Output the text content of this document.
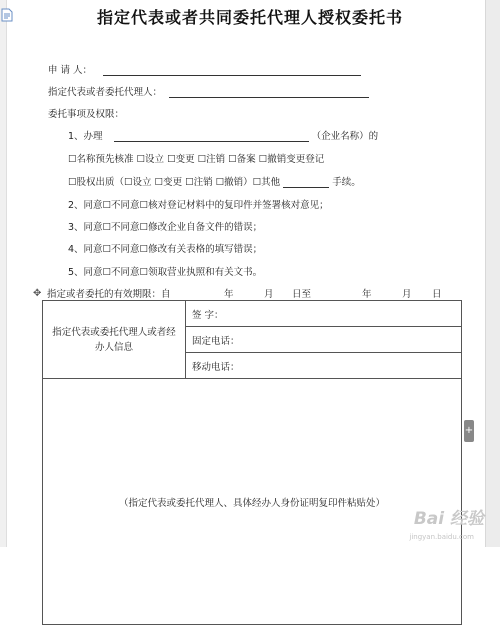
指定代表或者共同委托代理人授权委托书
申 请 人：
指定代表或者委托代理人：
委托事项及权限：
1、办理	（企业名称）的
☐名称预先核准 ☐设立 ☐变更 ☐注销 ☐备案 ☐撤销变更登记
☐股权出质（☐设立 ☐变更 ☐注销 ☐撤销）☐其他	手续。
2、同意☐不同意☐核对登记材料中的复印件并签署核对意见；
3、同意☐不同意☐修改企业自备文件的错误；
4、同意☐不同意☐修改有关表格的填写错误；
5、同意☐不同意☐领取营业执照和有关文书。
✥ 指定或者委托的有效期限：自	年	月 日至	年	月 日
指定代表或委托代理人或者经办人信息	签 字：
固定电话：
移动电话：
（指定代表或委托代理人、具体经办人身份证明复印件粘贴处）
+
Bai 经验
jingyan.baidu.com
